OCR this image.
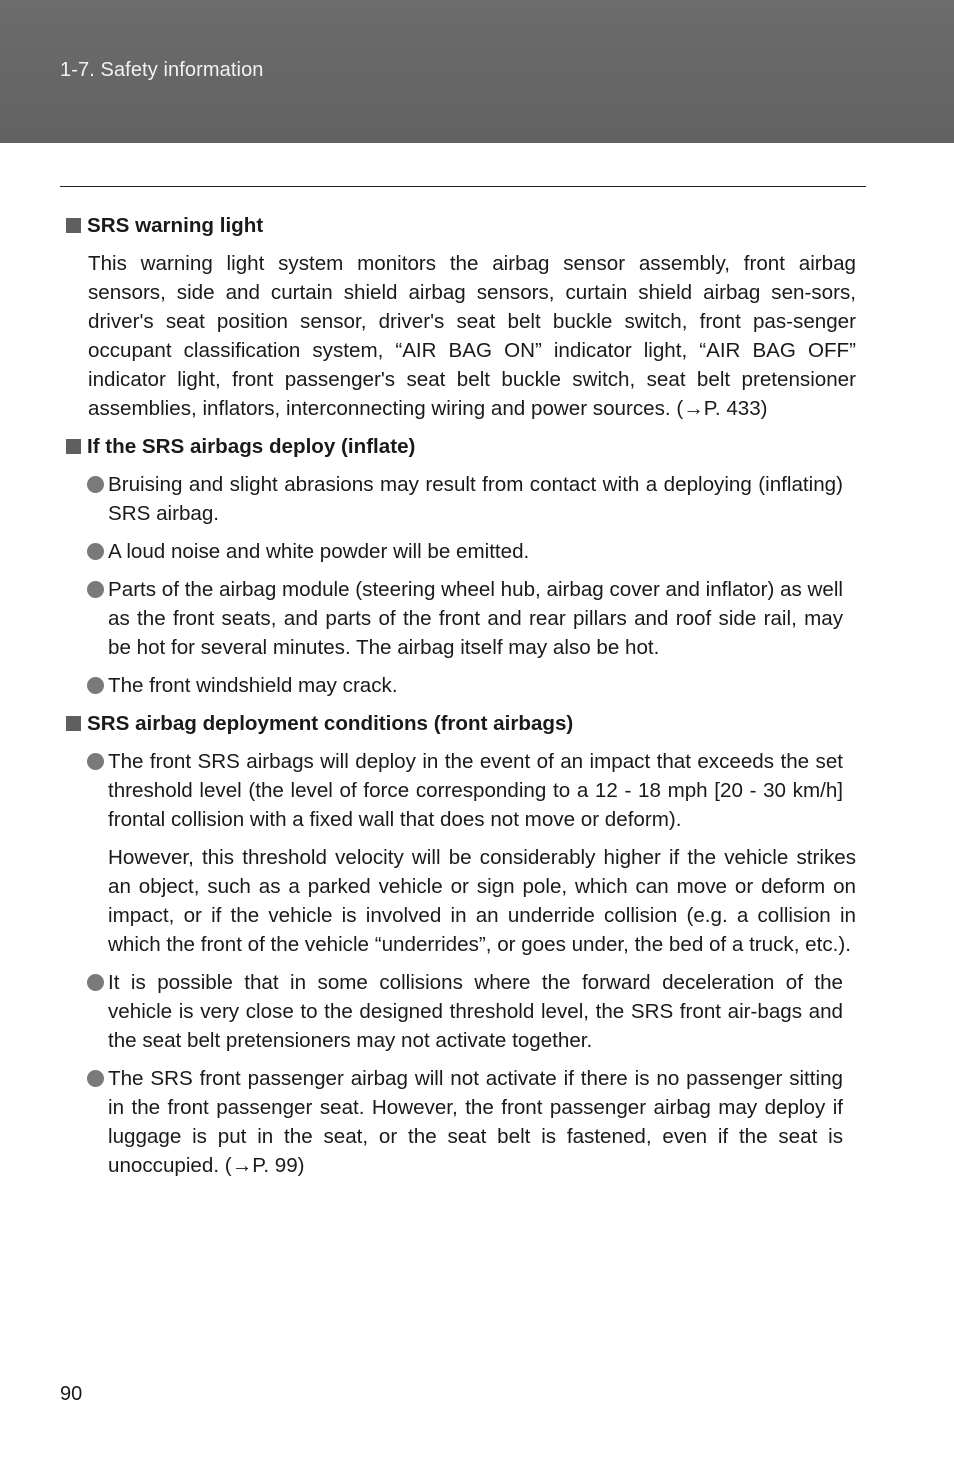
1-7. Safety information
SRS warning light
This warning light system monitors the airbag sensor assembly, front airbag sensors, side and curtain shield airbag sensors, curtain shield airbag sen-sors, driver's seat position sensor, driver's seat belt buckle switch, front pas-senger occupant classification system, “AIR BAG ON” indicator light, “AIR BAG OFF” indicator light, front passenger's seat belt buckle switch, seat belt pretensioner assemblies, inflators, interconnecting wiring and power sources. (→P. 433)
If the SRS airbags deploy (inflate)
Bruising and slight abrasions may result from contact with a deploying (inflating) SRS airbag.
A loud noise and white powder will be emitted.
Parts of the airbag module (steering wheel hub, airbag cover and inflator) as well as the front seats, and parts of the front and rear pillars and roof side rail, may be hot for several minutes. The airbag itself may also be hot.
The front windshield may crack.
SRS airbag deployment conditions (front airbags)
The front SRS airbags will deploy in the event of an impact that exceeds the set threshold level (the level of force corresponding to a 12 - 18 mph [20 - 30 km/h] frontal collision with a fixed wall that does not move or deform).
However, this threshold velocity will be considerably higher if the vehicle strikes an object, such as a parked vehicle or sign pole, which can move or deform on impact, or if the vehicle is involved in an underride collision (e.g. a collision in which the front of the vehicle “underrides”, or goes under, the bed of a truck, etc.).
It is possible that in some collisions where the forward deceleration of the vehicle is very close to the designed threshold level, the SRS front air-bags and the seat belt pretensioners may not activate together.
The SRS front passenger airbag will not activate if there is no passenger sitting in the front passenger seat. However, the front passenger airbag may deploy if luggage is put in the seat, or the seat belt is fastened, even if the seat is unoccupied. (→P. 99)
90
